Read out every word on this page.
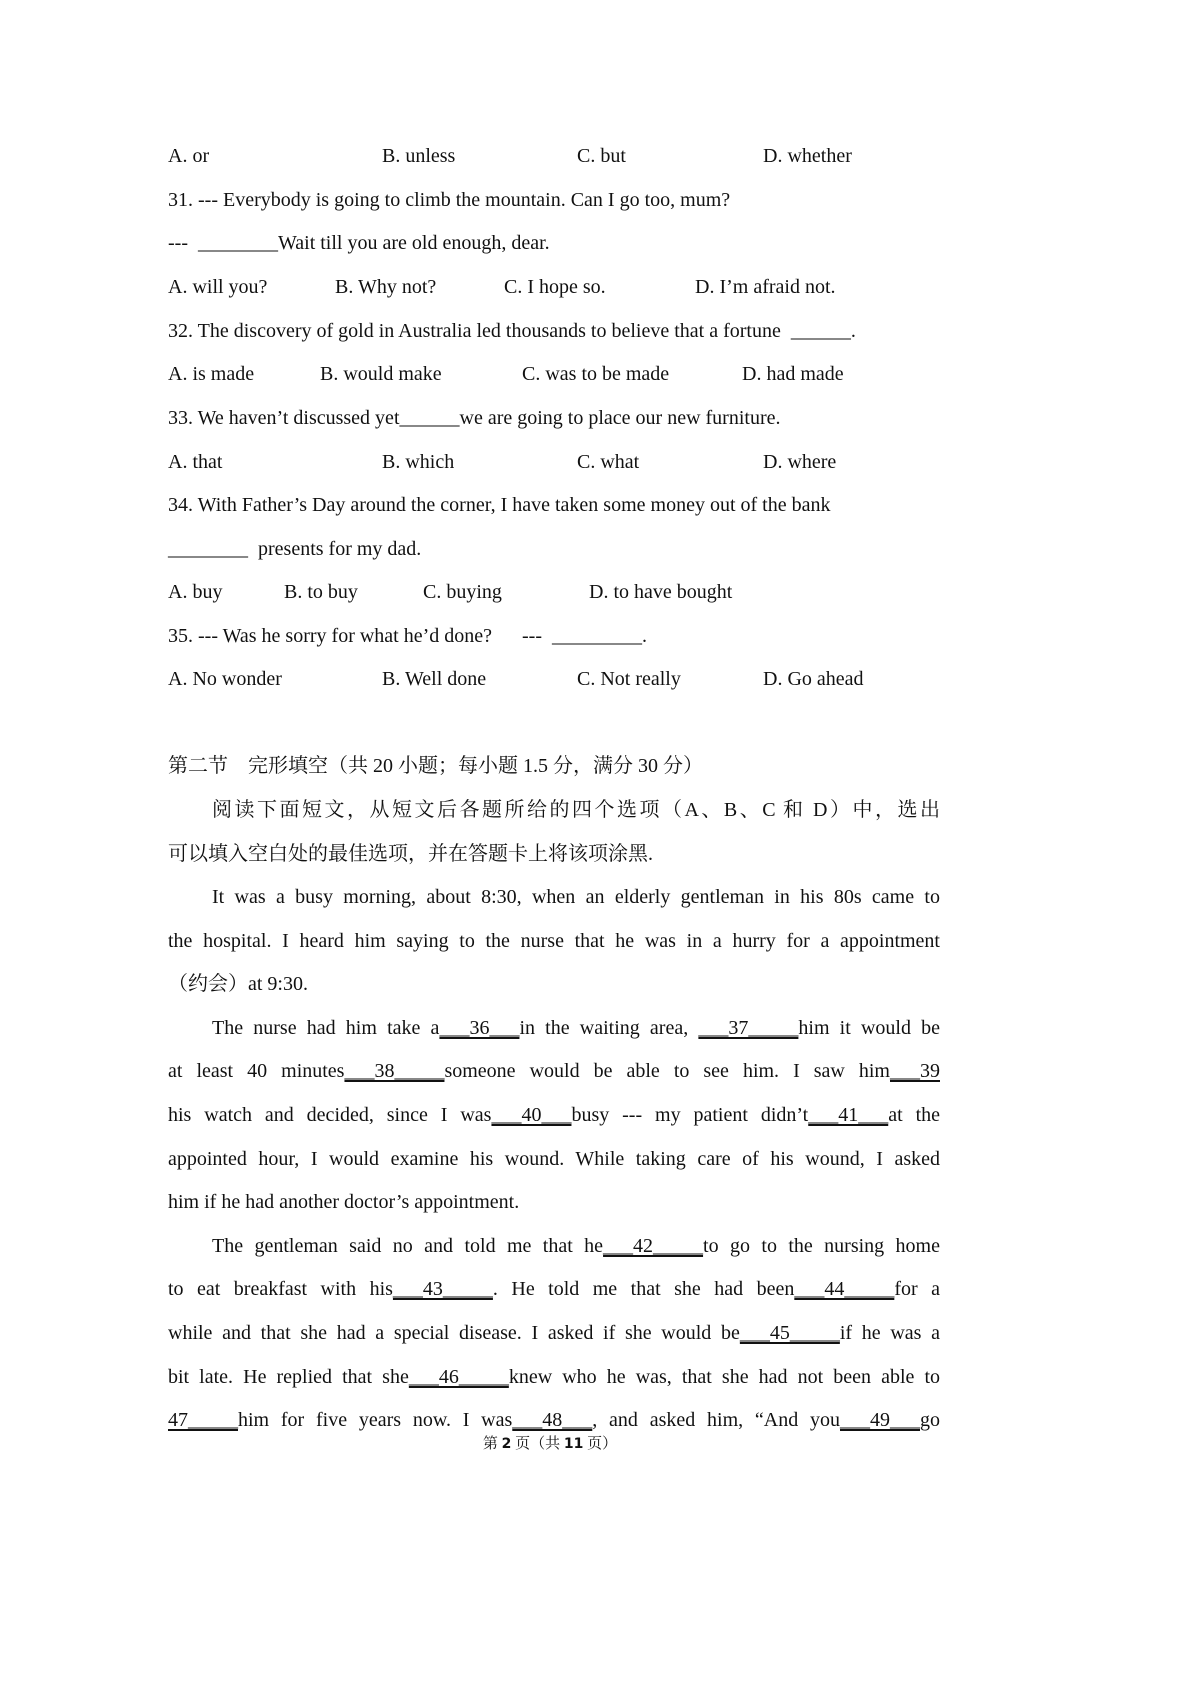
A. or	B. unless	C. but	D. whether
31. --- Everybody is going to climb the mountain. Can I go too, mum?
---  ________Wait till you are old enough, dear.
A. will you?	B. Why not?	C. I hope so.	D. I’m afraid not.
32. The discovery of gold in Australia led thousands to believe that a fortune  ______.
A. is made	B. would make	C. was to be made	D. had made
33. We haven’t discussed yet______we are going to place our new furniture.
A. that	B. which	C. what	D. where
34. With Father’s Day around the corner, I have taken some money out of the bank
________  presents for my dad.
A. buy	B. to buy	C. buying	D. to have bought
35. --- Was he sorry for what he’d done?      ---  _________.
A. No wonder	B. Well done	C. Not really	D. Go ahead
第二节    完形填空（共 20 小题；每小题 1.5 分，满分 30 分）
阅读下面短文，从短文后各题所给的四个选项（A、B、C 和 D）中，选出
可以填入空白处的最佳选项，并在答题卡上将该项涂黑.
It was a busy morning, about 8:30, when an elderly gentleman in his 80s came to
the hospital. I heard him saying to the nurse that he was in a hurry for a appointment
（约会）at 9:30.
The nurse had him take a___36___in the waiting area, ___37_____him it would be
at least 40 minutes___38_____someone would be able to see him. I saw him___39
his watch and decided, since I was___40___busy --- my patient didn’t___41___at the
appointed hour, I would examine his wound. While taking care of his wound, I asked
him if he had another doctor’s appointment.
The gentleman said no and told me that he___42_____to go to the nursing home
to eat breakfast with his___43_____. He told me that she had been___44_____for a
while and that she had a special disease. I asked if she would be___45_____if he was a
bit late. He replied that she___46_____knew who he was, that she had not been able to
47_____him for five years now. I was___48___, and asked him, “And you___49___go
第 2 页（共 11 页）
